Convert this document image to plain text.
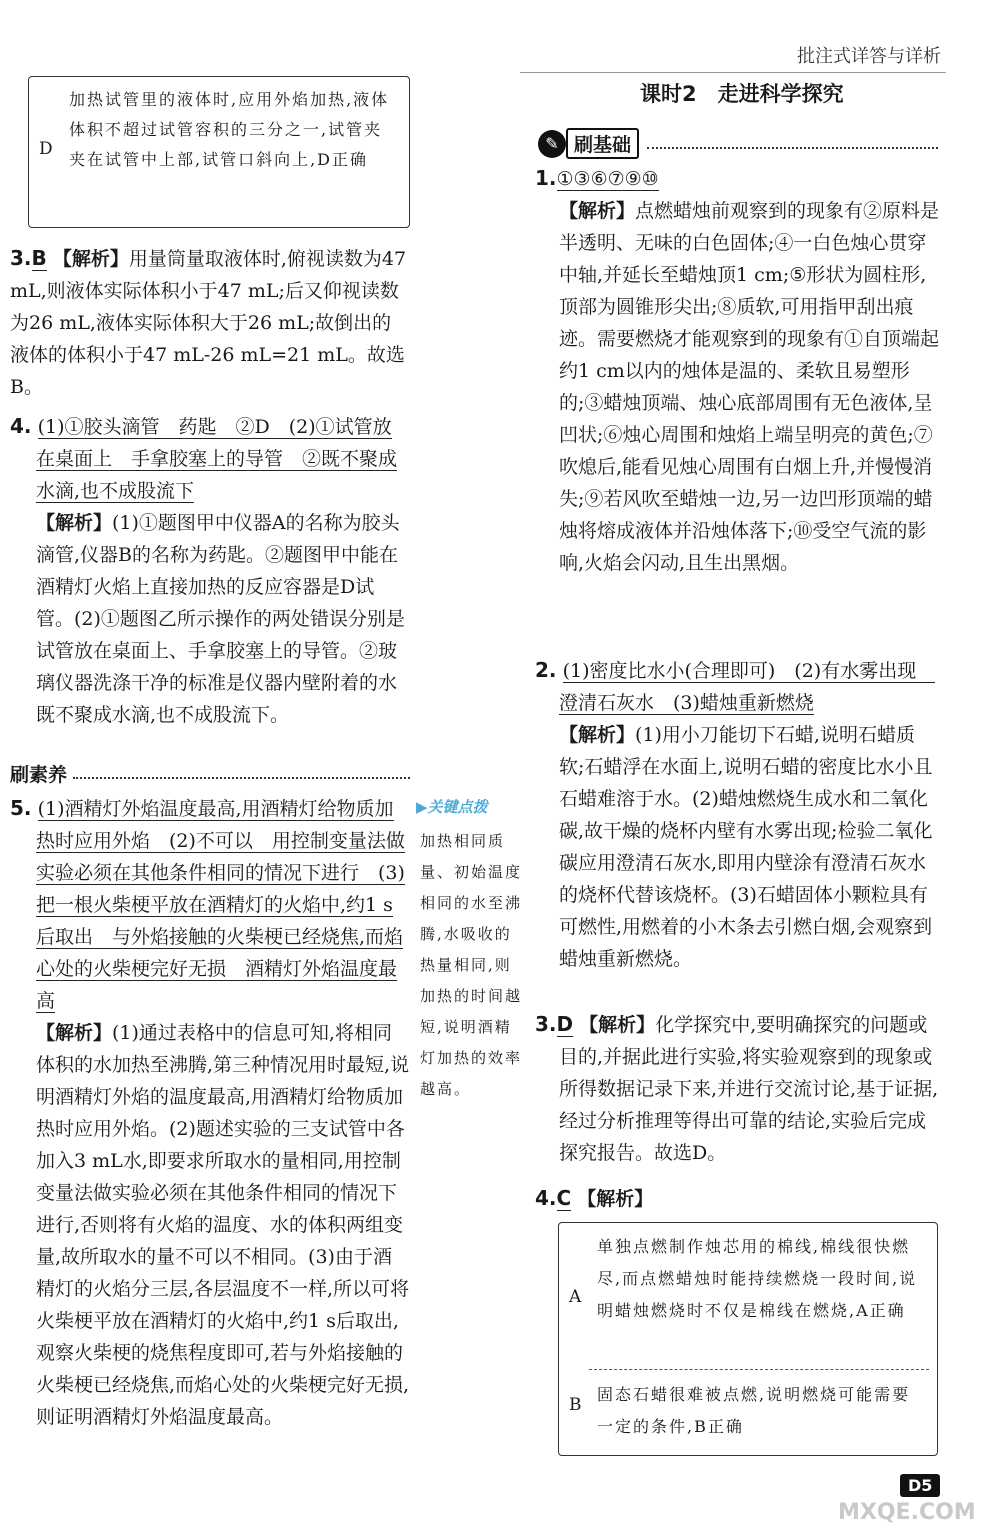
批注式详答与详析
D
加热试管里的液体时,应用外焰加热,液体体积不超过试管容积的三分之一,试管夹夹在试管中上部,试管口斜向上,D正确

3.B 【解析】用量筒量取液体时,俯视读数为47 mL,则液体实际体积小于47 mL;后又仰视读数为26 mL,液体实际体积大于26 mL;故倒出的液体的体积小于47 mL-26 mL=21 mL。故选B。

4. (1)①胶头滴管　药匙　②D　(2)①试管放在桌面上　手拿胶塞上的导管　②既不聚成水滴,也不成股流下

【解析】(1)①题图甲中仪器A的名称为胶头滴管,仪器B的名称为药匙。②题图甲中能在酒精灯火焰上直接加热的反应容器是D试管。(2)①题图乙所示操作的两处错误分别是试管放在桌面上、手拿胶塞上的导管。②玻璃仪器洗涤干净的标准是仪器内壁附着的水既不聚成水滴,也不成股流下。

刷素养

5. (1)酒精灯外焰温度最高,用酒精灯给物质加热时应用外焰　(2)不可以　用控制变量法做实验必须在其他条件相同的情况下进行　(3)把一根火柴梗平放在酒精灯的火焰中,约1 s后取出　与外焰接触的火柴梗已经烧焦,而焰心处的火柴梗完好无损　酒精灯外焰温度最高

【解析】(1)通过表格中的信息可知,将相同体积的水加热至沸腾,第三种情况用时最短,说明酒精灯外焰的温度最高,用酒精灯给物质加热时应用外焰。(2)题述实验的三支试管中各加入3 mL水,即要求所取水的量相同,用控制变量法做实验必须在其他条件相同的情况下进行,否则将有火焰的温度、水的体积两组变量,故所取水的量不可以不相同。(3)由于酒精灯的火焰分三层,各层温度不一样,所以可将火柴梗平放在酒精灯的火焰中,约1 s后取出,观察火柴梗的烧焦程度即可,若与外焰接触的火柴梗已经烧焦,而焰心处的火柴梗完好无损,则证明酒精灯外焰温度最高。

▶关键点拨
加热相同质量、初始温度相同的水至沸腾,水吸收的热量相同,则加热的时间越短,说明酒精灯加热的效率越高。
课时2　走进科学探究
✎ 刷基础

1.①③⑥⑦⑨⑩

【解析】点燃蜡烛前观察到的现象有②原料是半透明、无味的白色固体;④一白色烛心贯穿中轴,并延长至蜡烛顶1 cm;⑤形状为圆柱形,顶部为圆锥形尖出;⑧质软,可用指甲刮出痕迹。需要燃烧才能观察到的现象有①自顶端起约1 cm以内的烛体是温的、柔软且易塑形的;③蜡烛顶端、烛心底部周围有无色液体,呈凹状;⑥烛心周围和烛焰上端呈明亮的黄色;⑦吹熄后,能看见烛心周围有白烟上升,并慢慢消失;⑨若风吹至蜡烛一边,另一边凹形顶端的蜡烛将熔成液体并沿烛体落下;⑩受空气流的影响,火焰会闪动,且生出黑烟。

2. (1)密度比水小(合理即可)　(2)有水雾出现　澄清石灰水　(3)蜡烛重新燃烧

【解析】(1)用小刀能切下石蜡,说明石蜡质软;石蜡浮在水面上,说明石蜡的密度比水小且石蜡难溶于水。(2)蜡烛燃烧生成水和二氧化碳,故干燥的烧杯内壁有水雾出现;检验二氧化碳应用澄清石灰水,即用内壁涂有澄清石灰水的烧杯代替该烧杯。(3)石蜡固体小颗粒具有可燃性,用燃着的小木条去引燃白烟,会观察到蜡烛重新燃烧。

3.D 【解析】化学探究中,要明确探究的问题或目的,并据此进行实验,将实验观察到的现象或所得数据记录下来,并进行交流讨论,基于证据,经过分析推理等得出可靠的结论,实验后完成探究报告。故选D。

4.C 【解析】

A
单独点燃制作烛芯用的棉线,棉线很快燃尽,而点燃蜡烛时能持续燃烧一段时间,说明蜡烛燃烧时不仅是棉线在燃烧,A正确
B
固态石蜡很难被点燃,说明燃烧可能需要一定的条件,B正确
MXQE.COM
D5
